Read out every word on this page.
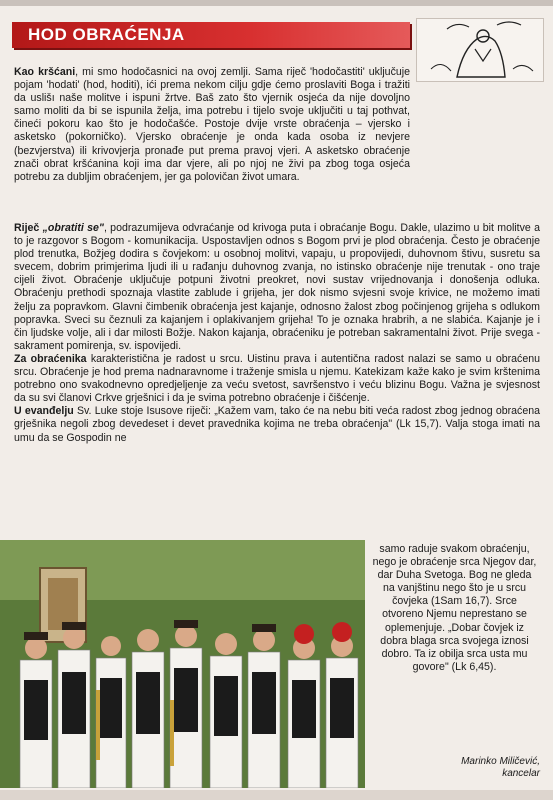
HOD OBRAĆENJA

Kao kršćani, mi smo hodočasnici na ovoj zemlji. Sama riječ 'hodočastiti' uključuje pojam 'hodati' (hod, hoditi), ići prema nekom cilju gdje ćemo proslaviti Boga i tražiti da uslišı naše molitve i ispuni žrtve. Baš zato što vjernik osjeća da nije dovoljno samo moliti da bi se ispunila želja, ima potrebu i tijelo svoje uključiti u taj pothvat, čineći pokoru kao što je hodočašće. Postoje dvije vrste obraćenja – vjersko i asketsko (pokorničko). Vjersko obraćenje je onda kada osoba iz nevjere (bezvjerstva) ili krivovjerja pronađe put prema pravoj vjeri. A asketsko obraćenje znači obrat kršćanina koji ima dar vjere, ali po njoj ne živi pa zbog toga osjeća potrebu za dubljim obraćenjem, jer ga polovičan život umara.

Riječ „obratiti se", podrazumijeva odvraćanje od krivoga puta i obraćanje Bogu. Dakle, ulazimo u bit molitve a to je razgovor s Bogom - komunikacija. Uspostavljen odnos s Bogom prvi je plod obraćenja. Često je obraćenje plod trenutka, Božjeg dodira s čovjekom: u osobnoj molitvi, vapaju, u propovijedi, duhovnom štivu, susretu sa svecem, dobrim primjerima ljudi ili u rađanju duhovnog zvanja, no istinsko obraćenje nije trenutak - ono traje cijeli život. Obraćenje uključuje potpuni životni preokret, novi sustav vrijednovanja i donošenja odluka. Obraćenju prethodi spoznaja vlastite zablude i grijeha, jer dok nismo svjesni svoje krivice, ne možemo imati želju za popravkom. Glavni čimbenik obraćenja jest kajanje, odnosno žalost zbog počinjenog grijeha s odlukom popravka. Sveci su čeznuli za kajanjem i oplakivanjem grijeha! To je oznaka hrabrih, a ne slabića. Kajanje je i čin ljudske volje, ali i dar milosti Božje. Nakon kajanja, obraćeniku je potreban sakramentalni život. Prije svega - sakrament pomirenja, sv. ispovijedi.

Za obraćenika karakteristična je radost u srcu. Uistinu prava i autentična radost nalazi se samo u obraćenu srcu. Obraćenje je hod prema nadnaravnome i traženje smisla u njemu. Katekizam kaže kako je svim krštenima potrebno ono svakodnevno opredjeljenje za veću svetost, savršenstvo i veću blizinu Bogu. Važna je svjesnost da su svi članovi Crkve grješnici i da je svima potrebno obraćenje i čišćenje.

U evanđelju Sv. Luke stoje Isusove riječi: „Kažem vam, tako će na nebu biti veća radost zbog jednog obraćena grješnika negoli zbog devedeset i devet pravednika kojima ne treba obraćenja" (Lk 15,7). Valja stoga imati na umu da se Gospodin ne

samo raduje svakom obraćenju, nego je obraćenje srca Njegov dar, dar Duha Svetoga. Bog ne gleda na vanjštinu nego što je u srcu čovjeka (1Sam 16,7). Srce otvoreno Njemu neprestano se oplemenjuje. „Dobar čovjek iz dobra blaga srca svojega iznosi dobro. Ta iz obilja srca usta mu govore" (Lk 6,45).
Marinko Miličević,
kancelar
